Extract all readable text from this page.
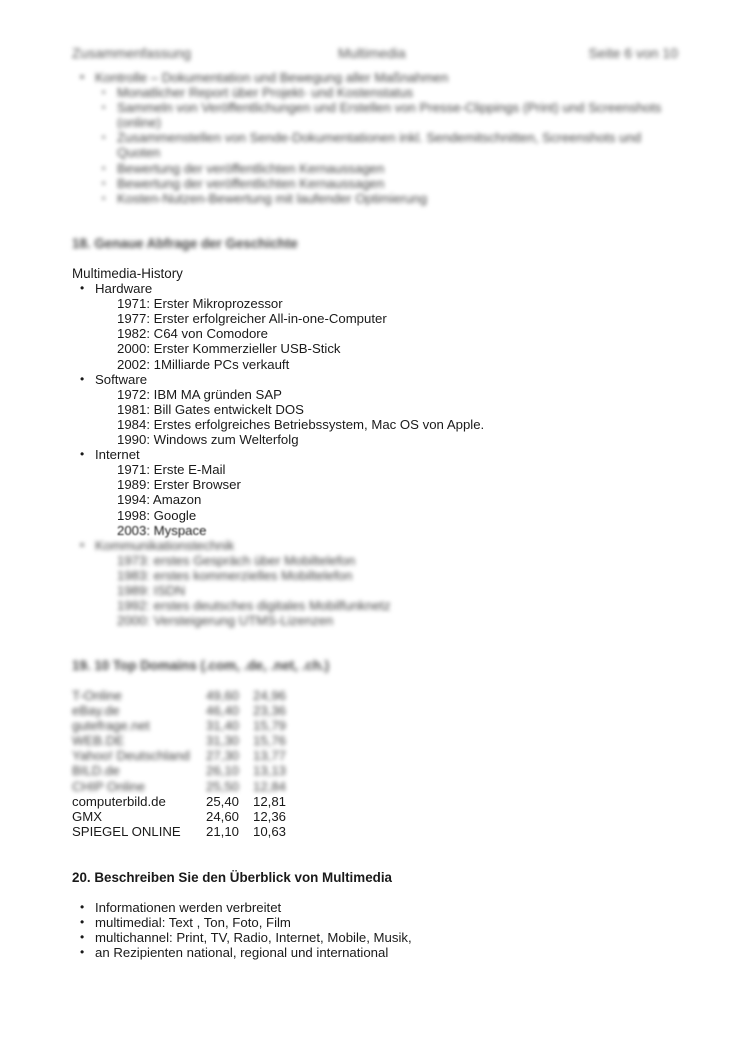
Zusammenfassung	Multimedia	Seite 6 von 10
• Kontrolle – Dokumentation und Bewegung aller Maßnahmen
▪ Monatlicher Report über Projekt- und Kostenstatus
▪ Sammeln von Veröffentlichungen und Erstellen von Presse-Clippings (Print) und Screenshots (online)
▪ Zusammenstellen von Sende-Dokumentationen inkl. Sendemitschnitten, Screenshots und Quoten
▪ Bewertung der veröffentlichten Kernaussagen
▪ Bewertung der veröffentlichten Kernaussagen
▪ Kosten-Nutzen-Bewertung mit laufender Optimierung
18. Genaue Abfrage der Geschichte
Multimedia-History
• Hardware
1971: Erster Mikroprozessor
1977: Erster erfolgreicher All-in-one-Computer
1982: C64 von Comodore
2000: Erster Kommerzieller USB-Stick
2002: 1Milliarde PCs verkauft
• Software
1972: IBM MA gründen SAP
1981: Bill Gates entwickelt DOS
1984: Erstes erfolgreiches Betriebssystem, Mac OS von Apple.
1990: Windows zum Welterfolg
• Internet
1971: Erste E-Mail
1989: Erster Browser
1994: Amazon
1998: Google
2003: Myspace
• Kommunikationstechnik
1973: erstes Gespräch über Mobiltelefon
1983: erstes kommerzielles Mobiltelefon
1989: ISDN
1992: erstes deutsches digitales Mobilfunknetz
2000: Versteigerung UTMS-Lizenzen
19. 10 Top Domains (.com, .de, .net, .ch.)
T-Online	49,60	24,96
eBay.de	46,40	23,36
gutefrage.net	31,40	15,79
WEB.DE	31,30	15,76
Yahoo! Deutschland	27,30	13,77
BILD.de	26,10	13,13
CHIP Online	25,50	12,84
computerbild.de	25,40	12,81
GMX	24,60	12,36
SPIEGEL ONLINE	21,10	10,63
20. Beschreiben Sie den Überblick von Multimedia
• Informationen werden verbreitet
• multimedial: Text , Ton, Foto, Film
• multichannel: Print, TV, Radio, Internet, Mobile, Musik,
• an Rezipienten national, regional und international
